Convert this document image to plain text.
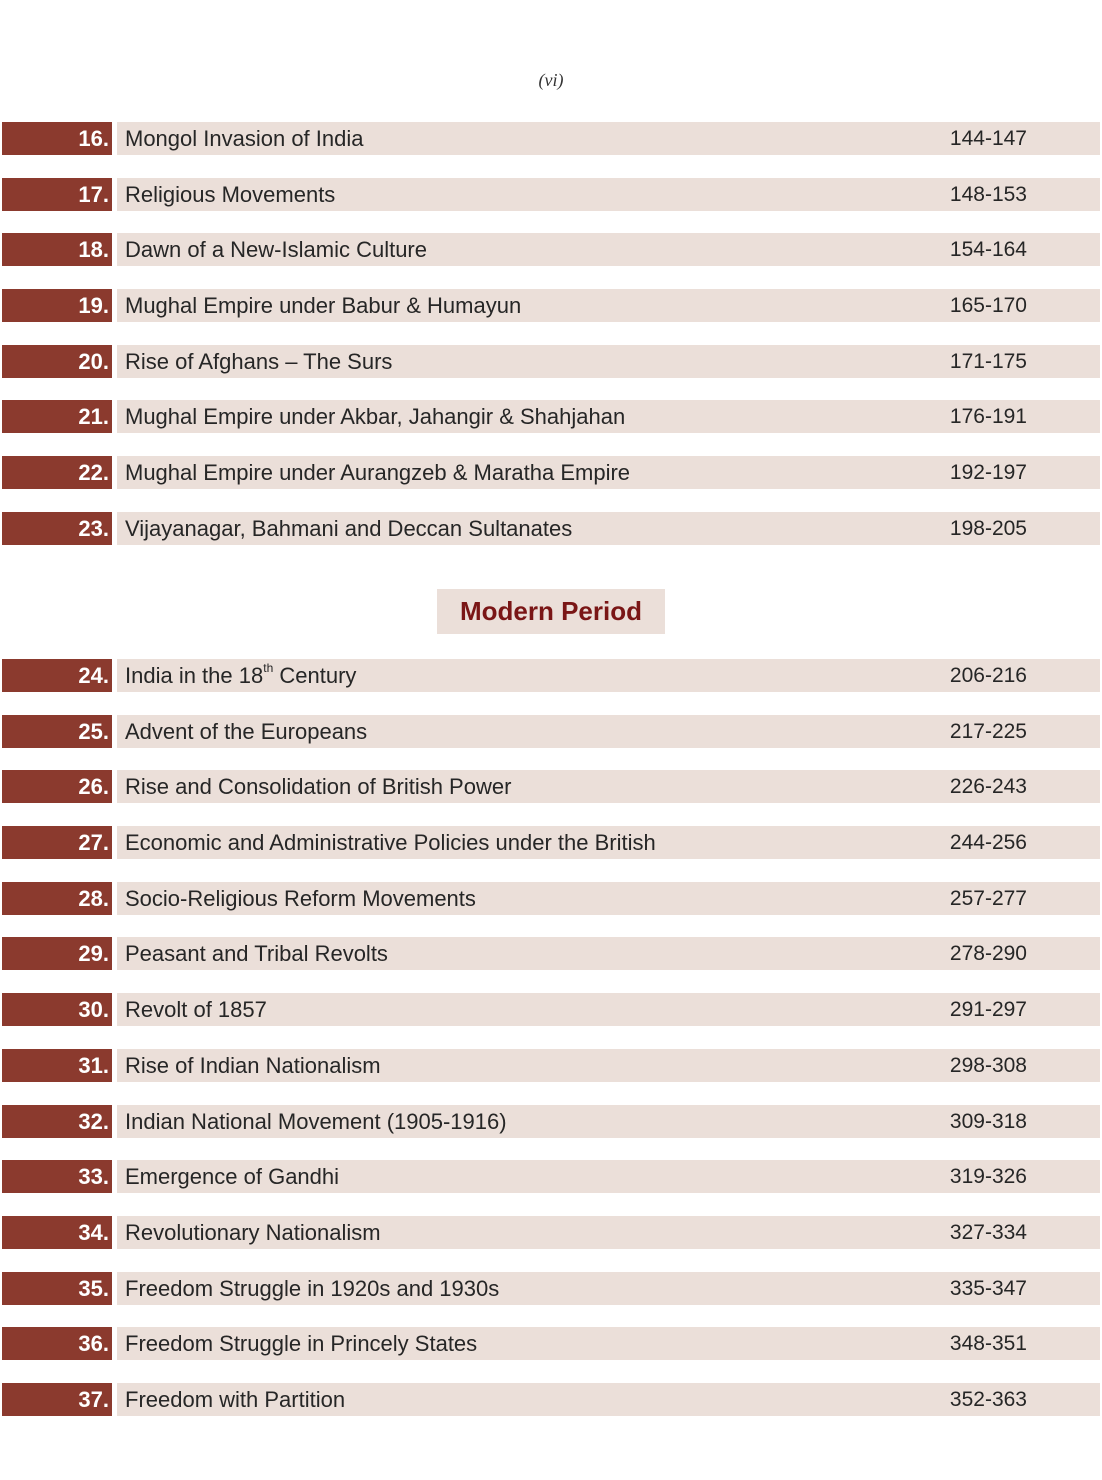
(vi)
16. Mongol Invasion of India	144-147
17. Religious Movements	148-153
18. Dawn of a New-Islamic Culture	154-164
19. Mughal Empire under Babur & Humayun	165-170
20. Rise of Afghans – The Surs	171-175
21. Mughal Empire under Akbar, Jahangir & Shahjahan	176-191
22. Mughal Empire under Aurangzeb & Maratha Empire	192-197
23. Vijayanagar, Bahmani and Deccan Sultanates	198-205
Modern Period
24. India in the 18th Century	206-216
25. Advent of the Europeans	217-225
26. Rise and Consolidation of British Power	226-243
27. Economic and Administrative Policies under the British	244-256
28. Socio-Religious Reform Movements	257-277
29. Peasant and Tribal Revolts	278-290
30. Revolt of 1857	291-297
31. Rise of Indian Nationalism	298-308
32. Indian National Movement (1905-1916)	309-318
33. Emergence of Gandhi	319-326
34. Revolutionary Nationalism	327-334
35. Freedom Struggle in 1920s and 1930s	335-347
36. Freedom Struggle in Princely States	348-351
37. Freedom with Partition	352-363
